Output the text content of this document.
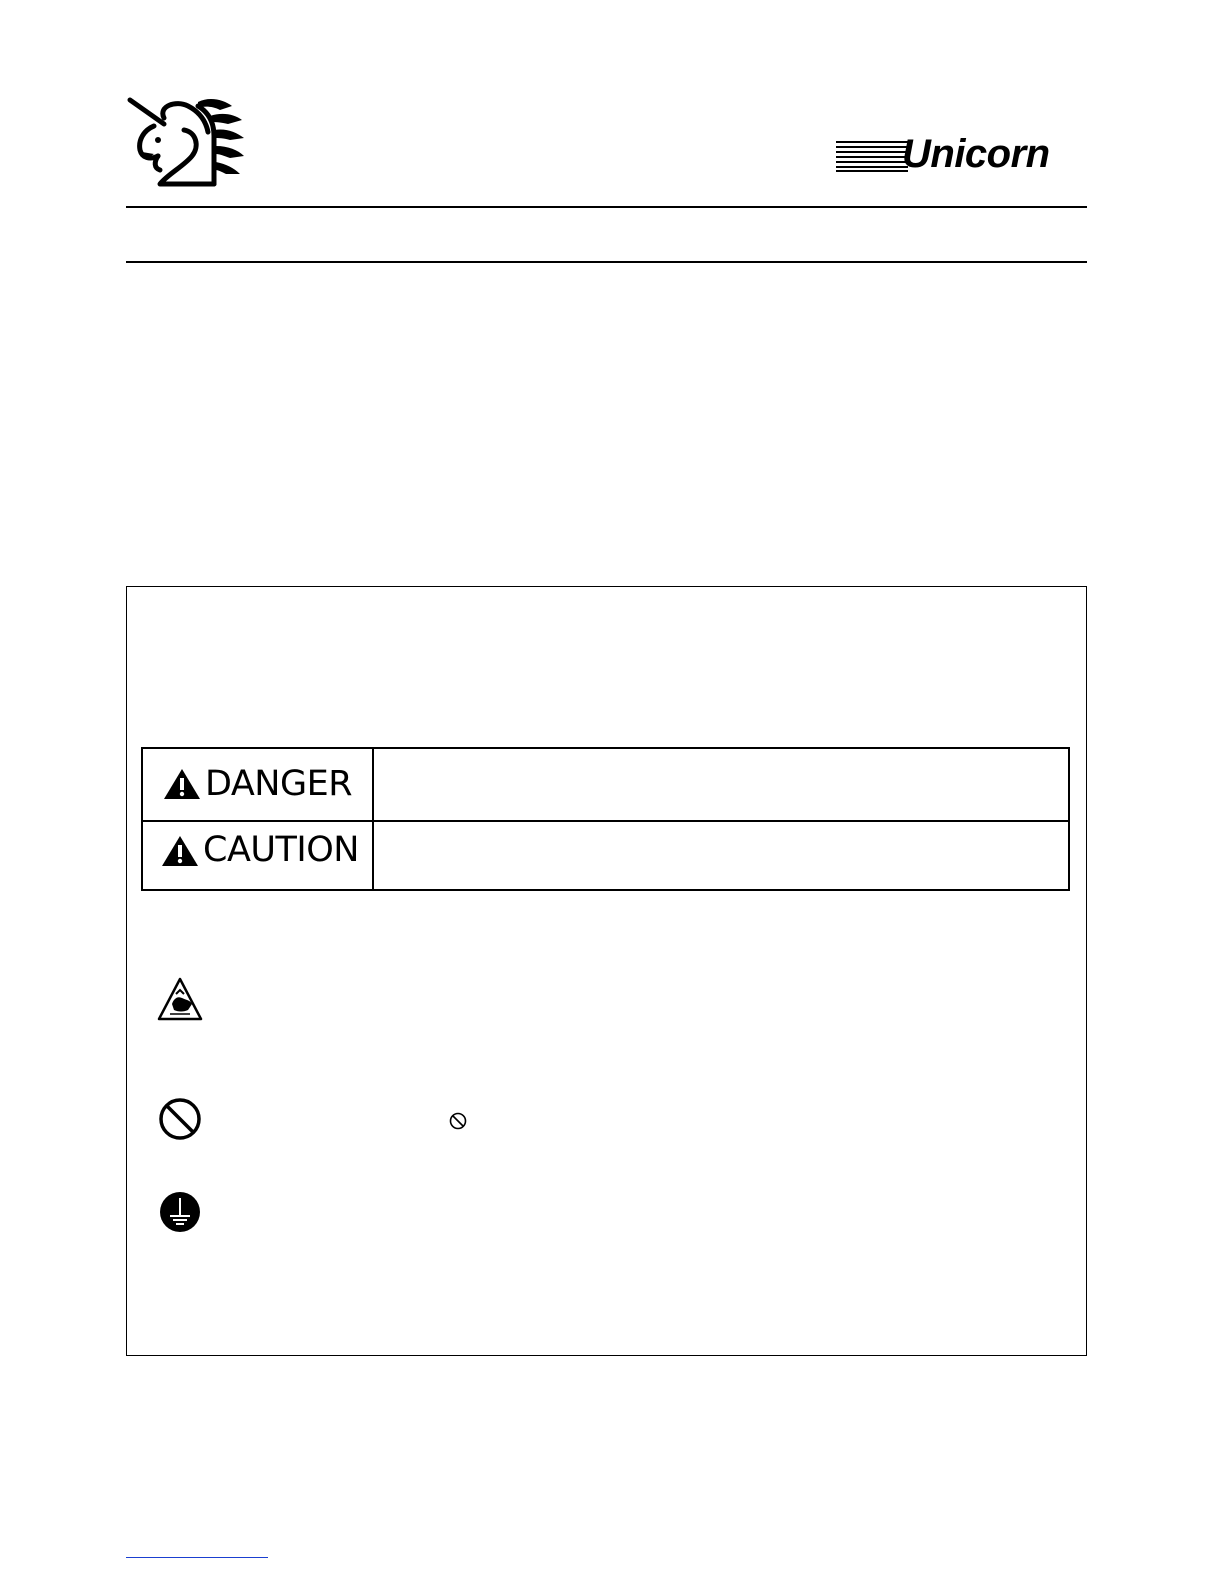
Unicorn
DANGER
CAUTION
